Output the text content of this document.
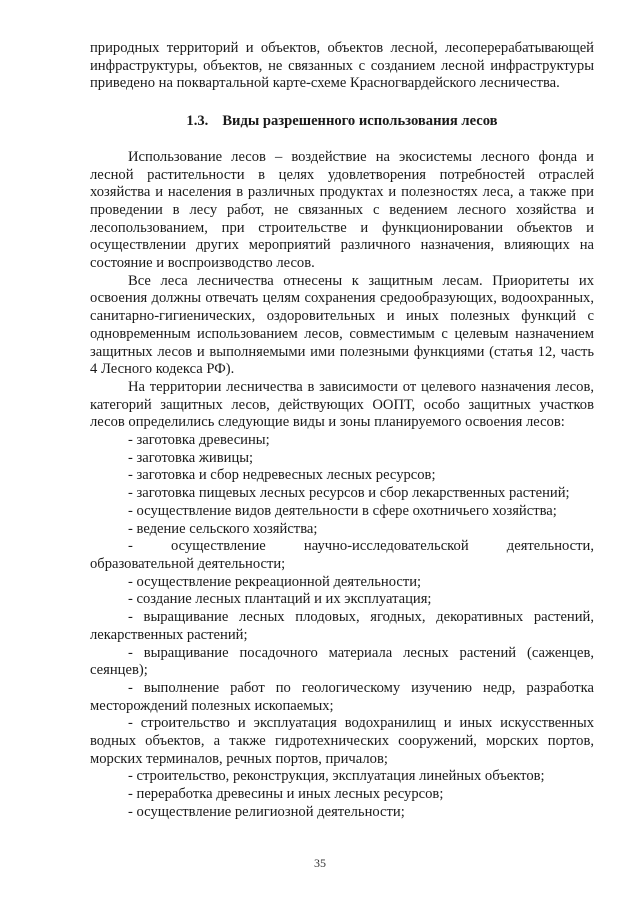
природных территорий и объектов, объектов лесной, лесоперерабатывающей инфраструктуры, объектов, не связанных с созданием лесной инфраструктуры приведено на поквартальной карте-схеме Красногвардейского лесничества.

1.3. Виды разрешенного использования лесов

Использование лесов – воздействие на экосистемы лесного фонда и лесной растительности в целях удовлетворения потребностей отраслей хозяйства и населения в различных продуктах и полезностях леса, а также при проведении в лесу работ, не связанных с ведением лесного хозяйства и лесопользованием, при строительстве и функционировании объектов и осуществлении других мероприятий различного назначения, влияющих на состояние и воспроизводство лесов.

Все леса лесничества отнесены к защитным лесам. Приоритеты их освоения должны отвечать целям сохранения средообразующих, водоохранных, санитарно-гигиенических, оздоровительных и иных полезных функций с одновременным использованием лесов, совместимым с целевым назначением защитных лесов и выполняемыми ими полезными функциями (статья 12, часть 4 Лесного кодекса РФ).

На территории лесничества в зависимости от целевого назначения лесов, категорий защитных лесов, действующих ООПТ, особо защитных участков лесов определились следующие виды и зоны планируемого освоения лесов:

- заготовка древесины;
- заготовка живицы;
- заготовка и сбор недревесных лесных ресурсов;
- заготовка пищевых лесных ресурсов и сбор лекарственных растений;
- осуществление видов деятельности в сфере охотничьего хозяйства;
- ведение сельского хозяйства;
- осуществление научно-исследовательской деятельности, образовательной деятельности;
- осуществление рекреационной деятельности;
- создание лесных плантаций и их эксплуатация;
- выращивание лесных плодовых, ягодных, декоративных растений, лекарственных растений;
- выращивание посадочного материала лесных растений (саженцев, сеянцев);
- выполнение работ по геологическому изучению недр, разработка месторождений полезных ископаемых;
- строительство и эксплуатация водохранилищ и иных искусственных водных объектов, а также гидротехнических сооружений, морских портов, морских терминалов, речных портов, причалов;
- строительство, реконструкция, эксплуатация линейных объектов;
- переработка древесины и иных лесных ресурсов;
- осуществление религиозной деятельности;
35
